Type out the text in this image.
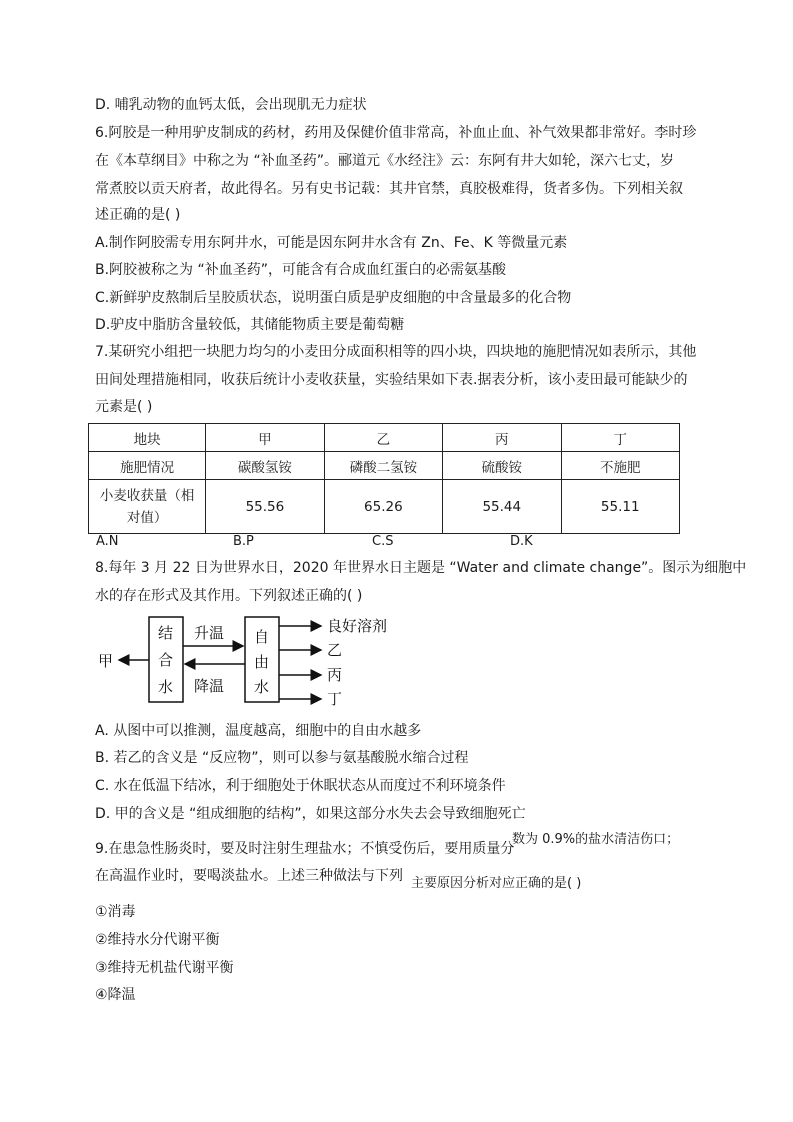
D. 哺乳动物的血钙太低，会出现肌无力症状
6.阿胶是一种用驴皮制成的药材，药用及保健价值非常高，补血止血、补气效果都非常好。李时珍
在《本草纲目》中称之为 “补血圣药”。郦道元《水经注》云：东阿有井大如轮，深六七丈，岁
常煮胶以贡天府者，故此得名。另有史书记载：其井官禁，真胶极难得，货者多伪。下列相关叙
述正确的是( )
A.制作阿胶需专用东阿井水，可能是因东阿井水含有 Zn、Fe、K 等微量元素
B.阿胶被称之为 “补血圣药”，可能含有合成血红蛋白的必需氨基酸
C.新鲜驴皮熬制后呈胶质状态，说明蛋白质是驴皮细胞的中含量最多的化合物
D.驴皮中脂肪含量较低，其储能物质主要是葡萄糖
7.某研究小组把一块肥力均匀的小麦田分成面积相等的四小块，四块地的施肥情况如表所示，其他
田间处理措施相同，收获后统计小麦收获量，实验结果如下表.据表分析，该小麦田最可能缺少的
元素是( )
地块	甲	乙	丙	丁
施肥情况	碳酸氢铵	磷酸二氢铵	硫酸铵	不施肥
小麦收获量（相
对值）	55.56	65.26	55.44	55.11
A.N	B.P	C.S	D.K
8.每年 3 月 22 日为世界水日，2020 年世界水日主题是 “Water and climate change”。图示为细胞中
水的存在形式及其作用。下列叙述正确的( )
结
合
水
自
由
水
升温
降温
甲
良好溶剂
乙
丙
丁
A. 从图中可以推测，温度越高，细胞中的自由水越多
B. 若乙的含义是 “反应物”，则可以参与氨基酸脱水缩合过程
C. 水在低温下结冰，利于细胞处于休眠状态从而度过不利环境条件
D. 甲的含义是 “组成细胞的结构”，如果这部分水失去会导致细胞死亡
9.在患急性肠炎时，要及时注射生理盐水；不慎受伤后，要用质量分
数为 0.9%的盐水清洁伤口；
在高温作业时，要喝淡盐水。上述三种做法与下列 主要原因分析对应正确的是( )
①消毒
②维持水分代谢平衡
③维持无机盐代谢平衡
④降温
